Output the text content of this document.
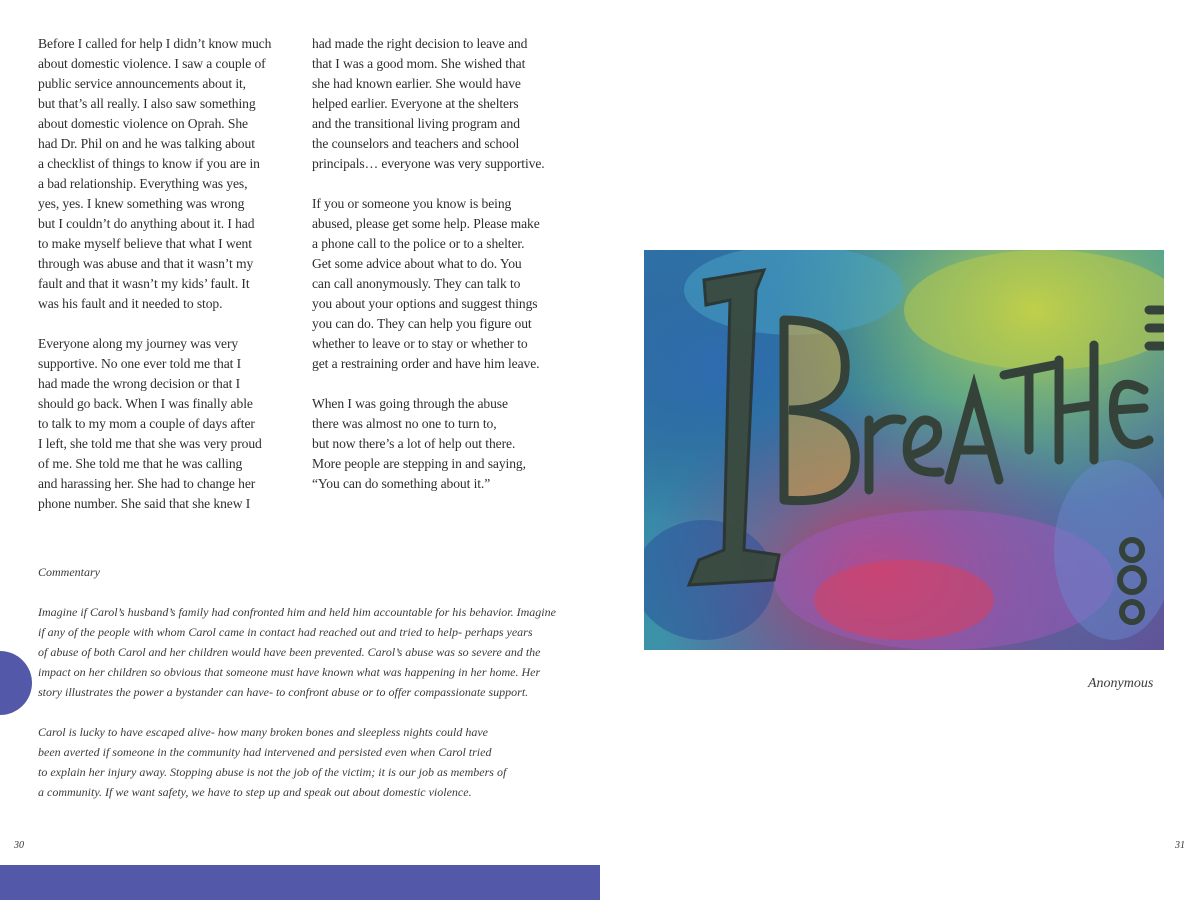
Before I called for help I didn’t know much
about domestic violence. I saw a couple of
public service announcements about it,
but that’s all really. I also saw something
about domestic violence on Oprah. She
had Dr. Phil on and he was talking about
a checklist of things to know if you are in
a bad relationship. Everything was yes,
yes, yes. I knew something was wrong
but I couldn’t do anything about it. I had
to make myself believe that what I went
through was abuse and that it wasn’t my
fault and that it wasn’t my kids’ fault. It
was his fault and it needed to stop.

Everyone along my journey was very
supportive. No one ever told me that I
had made the wrong decision or that I
should go back. When I was finally able
to talk to my mom a couple of days after
I left, she told me that she was very proud
of me. She told me that he was calling
and harassing her. She had to change her
phone number. She said that she knew I

had made the right decision to leave and
that I was a good mom. She wished that
she had known earlier. She would have
helped earlier. Everyone at the shelters
and the transitional living program and
the counselors and teachers and school
principals… everyone was very supportive.

If you or someone you know is being
abused, please get some help. Please make
a phone call to the police or to a shelter.
Get some advice about what to do. You
can call anonymously. They can talk to
you about your options and suggest things
you can do. They can help you figure out
whether to leave or to stay or whether to
get a restraining order and have him leave.

When I was going through the abuse
there was almost no one to turn to,
but now there’s a lot of help out there.
More people are stepping in and saying,
“You can do something about it.”

Commentary

Imagine if Carol’s husband’s family had confronted him and held him accountable for his behavior. Imagine
if any of the people with whom Carol came in contact had reached out and tried to help- perhaps years
of abuse of both Carol and her children would have been prevented. Carol’s abuse was so severe and the
impact on her children so obvious that someone must have known what was happening in her home. Her
story illustrates the power a bystander can have- to confront abuse or to offer compassionate support.

Carol is lucky to have escaped alive- how many broken bones and sleepless nights could have
been averted if someone in the community had intervened and persisted even when Carol tried
to explain her injury away. Stopping abuse is not the job of the victim; it is our job as members of
a community. If we want safety, we have to step up and speak out about domestic violence.

30
Anonymous
31
